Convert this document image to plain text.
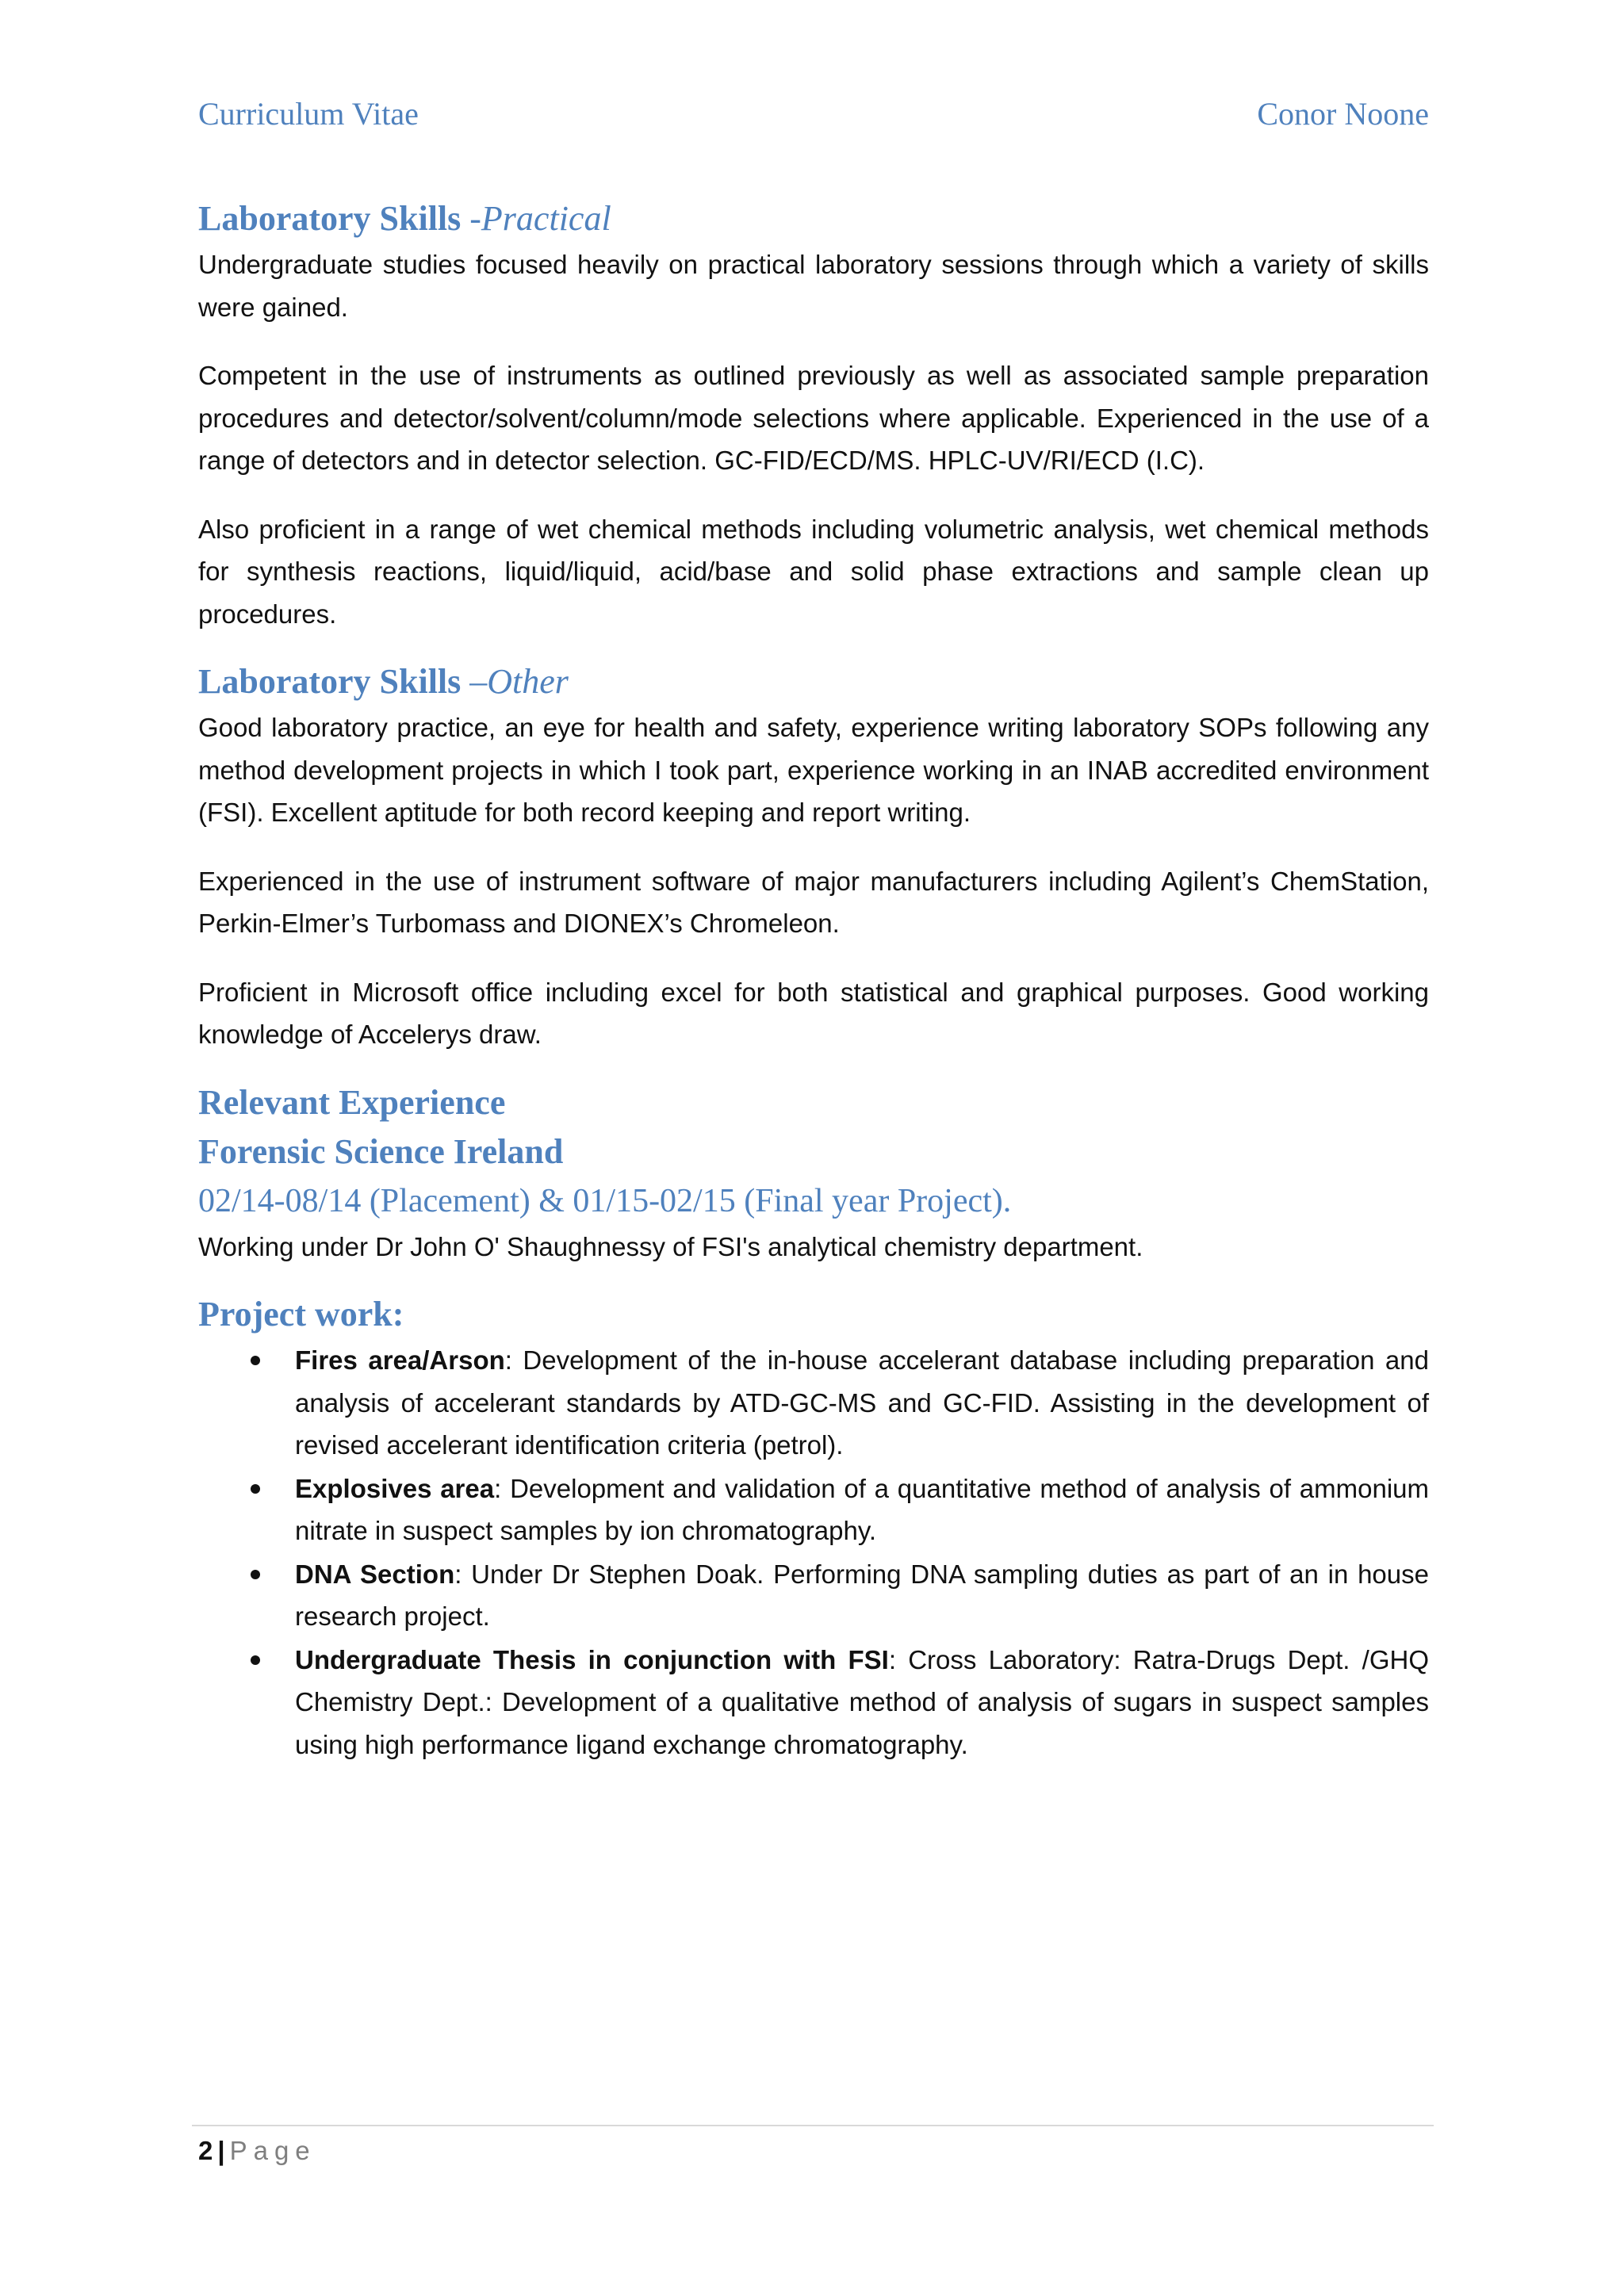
Curriculum Vitae	Conor Noone
Laboratory Skills -Practical

Undergraduate studies focused heavily on practical laboratory sessions through which a variety of skills were gained.

Competent in the use of instruments as outlined previously as well as associated sample preparation procedures and detector/solvent/column/mode selections where applicable. Experienced in the use of a range of detectors and in detector selection. GC-FID/ECD/MS. HPLC-UV/RI/ECD (I.C).

Also proficient in a range of wet chemical methods including volumetric analysis, wet chemical methods for synthesis reactions, liquid/liquid, acid/base and solid phase extractions and sample clean up procedures.

Laboratory Skills –Other

Good laboratory practice, an eye for health and safety, experience writing laboratory SOPs following any method development projects in which I took part, experience working in an INAB accredited environment (FSI). Excellent aptitude for both record keeping and report writing.

Experienced in the use of instrument software of major manufacturers including Agilent’s ChemStation, Perkin-Elmer’s Turbomass and DIONEX’s Chromeleon.

Proficient in Microsoft office including excel for both statistical and graphical purposes. Good working knowledge of Accelerys draw.

Relevant Experience
Forensic Science Ireland
02/14-08/14 (Placement) & 01/15-02/15 (Final year Project).

Working under Dr John O' Shaughnessy of FSI's analytical chemistry department.

Project work:
Fires area/Arson: Development of the in-house accelerant database including preparation and analysis of accelerant standards by ATD-GC-MS and GC-FID. Assisting in the development of revised accelerant identification criteria (petrol).
Explosives area: Development and validation of a quantitative method of analysis of ammonium nitrate in suspect samples by ion chromatography.
DNA Section: Under Dr Stephen Doak. Performing DNA sampling duties as part of an in house research project.
Undergraduate Thesis in conjunction with FSI: Cross Laboratory: Ratra-Drugs Dept. /GHQ Chemistry Dept.: Development of a qualitative method of analysis of sugars in suspect samples using high performance ligand exchange chromatography.
2 | Page
